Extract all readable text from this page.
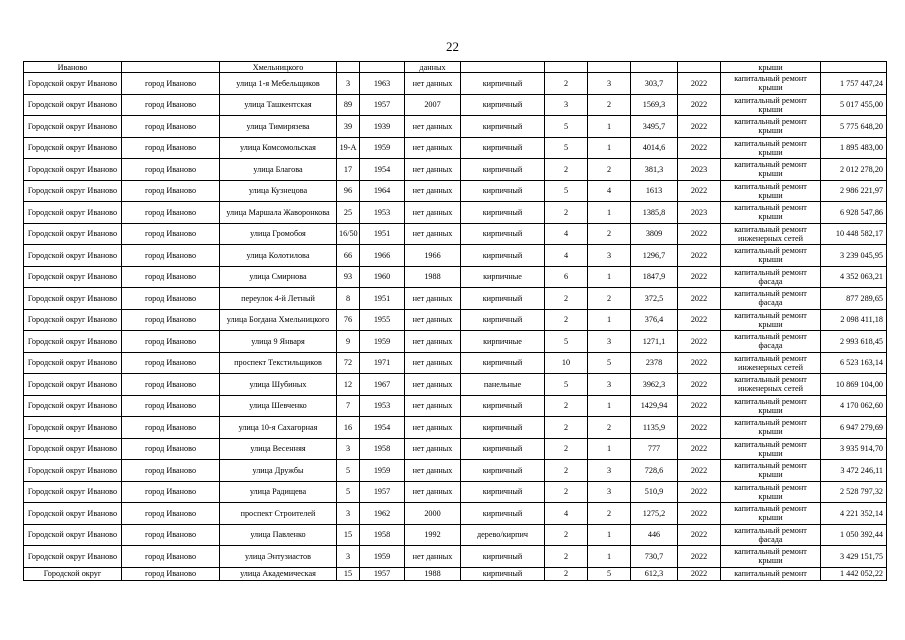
22
Иваново		Хмельницкого			данных						крыши	
Городской округ Иваново	город Иваново	улица 1-я Мебельщиков	3	1963	нет данных	кирпичный	2	3	303,7	2022	капитальный ремонт крыши	1 757 447,24
Городской округ Иваново	город Иваново	улица Ташкентская	89	1957	2007	кирпичный	3	2	1569,3	2022	капитальный ремонт крыши	5 017 455,00
Городской округ Иваново	город Иваново	улица Тимирязева	39	1939	нет данных	кирпичный	5	1	3495,7	2022	капитальный ремонт крыши	5 775 648,20
Городской округ Иваново	город Иваново	улица Комсомольская	19-А	1959	нет данных	кирпичный	5	1	4014,6	2022	капитальный ремонт крыши	1 895 483,00
Городской округ Иваново	город Иваново	улица Благова	17	1954	нет данных	кирпичный	2	2	381,3	2023	капитальный ремонт крыши	2 012 278,20
Городской округ Иваново	город Иваново	улица Кузнецова	96	1964	нет данных	кирпичный	5	4	1613	2022	капитальный ремонт крыши	2 986 221,97
Городской округ Иваново	город Иваново	улица Маршала Жаворонкова	25	1953	нет данных	кирпичный	2	1	1385,8	2023	капитальный ремонт крыши	6 928 547,86
Городской округ Иваново	город Иваново	улица Громобоя	16/50	1951	нет данных	кирпичный	4	2	3809	2022	капитальный ремонт инженерных сетей	10 448 582,17
Городской округ Иваново	город Иваново	улица Колотилова	66	1966	1966	кирпичный	4	3	1296,7	2022	капитальный ремонт крыши	3 239 045,95
Городской округ Иваново	город Иваново	улица Смирнова	93	1960	1988	кирпичные	6	1	1847,9	2022	капитальный ремонт фасада	4 352 063,21
Городской округ Иваново	город Иваново	переулок 4-й Летный	8	1951	нет данных	кирпичный	2	2	372,5	2022	капитальный ремонт фасада	877 289,65
Городской округ Иваново	город Иваново	улица Богдана Хмельницкого	76	1955	нет данных	кирпичный	2	1	376,4	2022	капитальный ремонт крыши	2 098 411,18
Городской округ Иваново	город Иваново	улица 9 Января	9	1959	нет данных	кирпичные	5	3	1271,1	2022	капитальный ремонт фасада	2 993 618,45
Городской округ Иваново	город Иваново	проспект Текстильщиков	72	1971	нет данных	кирпичный	10	5	2378	2022	капитальный ремонт инженерных сетей	6 523 163,14
Городской округ Иваново	город Иваново	улица Шубиных	12	1967	нет данных	панельные	5	3	3962,3	2022	капитальный ремонт инженерных сетей	10 869 104,00
Городской округ Иваново	город Иваново	улица Шевченко	7	1953	нет данных	кирпичный	2	1	1429,94	2022	капитальный ремонт крыши	4 170 062,60
Городской округ Иваново	город Иваново	улица 10-я Сахагорная	16	1954	нет данных	кирпичный	2	2	1135,9	2022	капитальный ремонт крыши	6 947 279,69
Городской округ Иваново	город Иваново	улица Весенняя	3	1958	нет данных	кирпичный	2	1	777	2022	капитальный ремонт крыши	3 935 914,70
Городской округ Иваново	город Иваново	улица Дружбы	5	1959	нет данных	кирпичный	2	3	728,6	2022	капитальный ремонт крыши	3 472 246,11
Городской округ Иваново	город Иваново	улица Радищева	5	1957	нет данных	кирпичный	2	3	510,9	2022	капитальный ремонт крыши	2 528 797,32
Городской округ Иваново	город Иваново	проспект Строителей	3	1962	2000	кирпичный	4	2	1275,2	2022	капитальный ремонт крыши	4 221 352,14
Городской округ Иваново	город Иваново	улица Павленко	15	1958	1992	дерево/кирпич	2	1	446	2022	капитальный ремонт фасада	1 050 392,44
Городской округ Иваново	город Иваново	улица Энтузиастов	3	1959	нет данных	кирпичный	2	1	730,7	2022	капитальный ремонт крыши	3 429 151,75
Городской округ	город Иваново	улица Академическая	15	1957	1988	кирпичный	2	5	612,3	2022	капитальный ремонт	1 442 052,22
